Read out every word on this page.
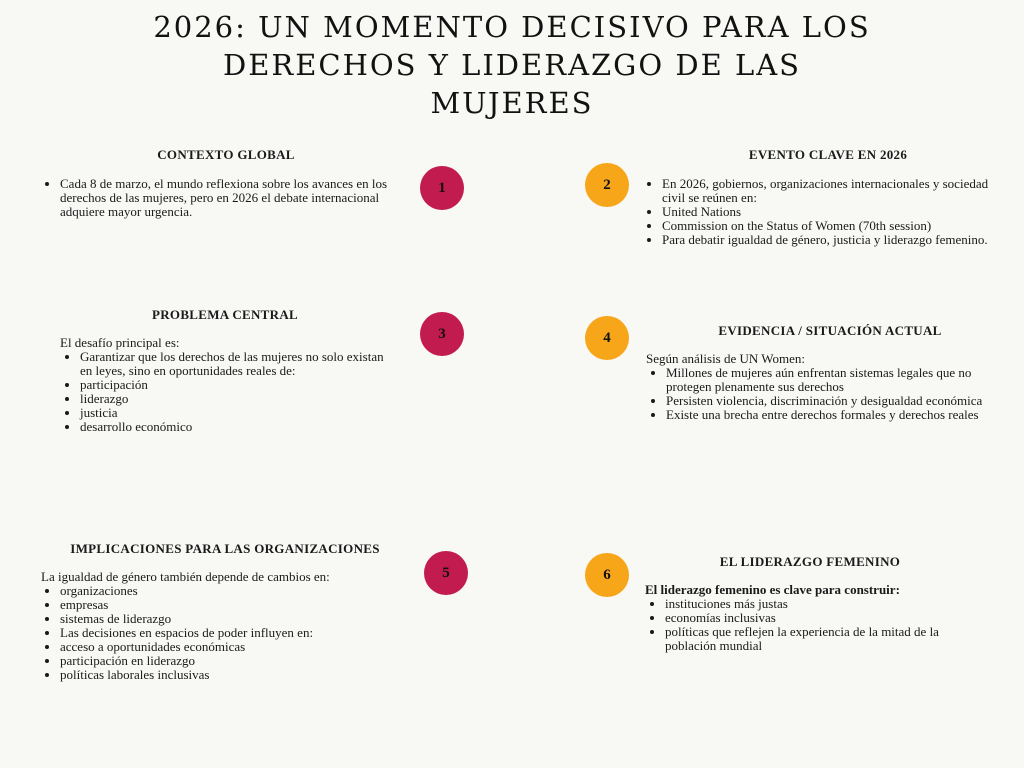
2026: UN MOMENTO DECISIVO PARA LOS
DERECHOS Y LIDERAZGO DE LAS
MUJERES
1	2
3	4
5	6
CONTEXTO GLOBAL
• Cada 8 de marzo, el mundo reflexiona sobre los avances en los derechos de las mujeres, pero en 2026 el debate internacional adquiere mayor urgencia.
EVENTO CLAVE EN 2026
• En 2026, gobiernos, organizaciones internacionales y sociedad civil se reúnen en:
• United Nations
• Commission on the Status of Women (70th session)
• Para debatir igualdad de género, justicia y liderazgo femenino.
PROBLEMA CENTRAL

El desafío principal es:

• Garantizar que los derechos de las mujeres no solo existan en leyes, sino en oportunidades reales de:
• participación
• liderazgo
• justicia
• desarrollo económico
EVIDENCIA / SITUACIÓN ACTUAL

Según análisis de UN Women:

• Millones de mujeres aún enfrentan sistemas legales que no protegen plenamente sus derechos
• Persisten violencia, discriminación y desigualdad económica
• Existe una brecha entre derechos formales y derechos reales
IMPLICACIONES PARA LAS ORGANIZACIONES

La igualdad de género también depende de cambios en:

• organizaciones
• empresas
• sistemas de liderazgo
• Las decisiones en espacios de poder influyen en:
• acceso a oportunidades económicas
• participación en liderazgo
• políticas laborales inclusivas
EL LIDERAZGO FEMENINO

El liderazgo femenino es clave para construir:

• instituciones más justas
• economías inclusivas
• políticas que reflejen la experiencia de la mitad de la población mundial
